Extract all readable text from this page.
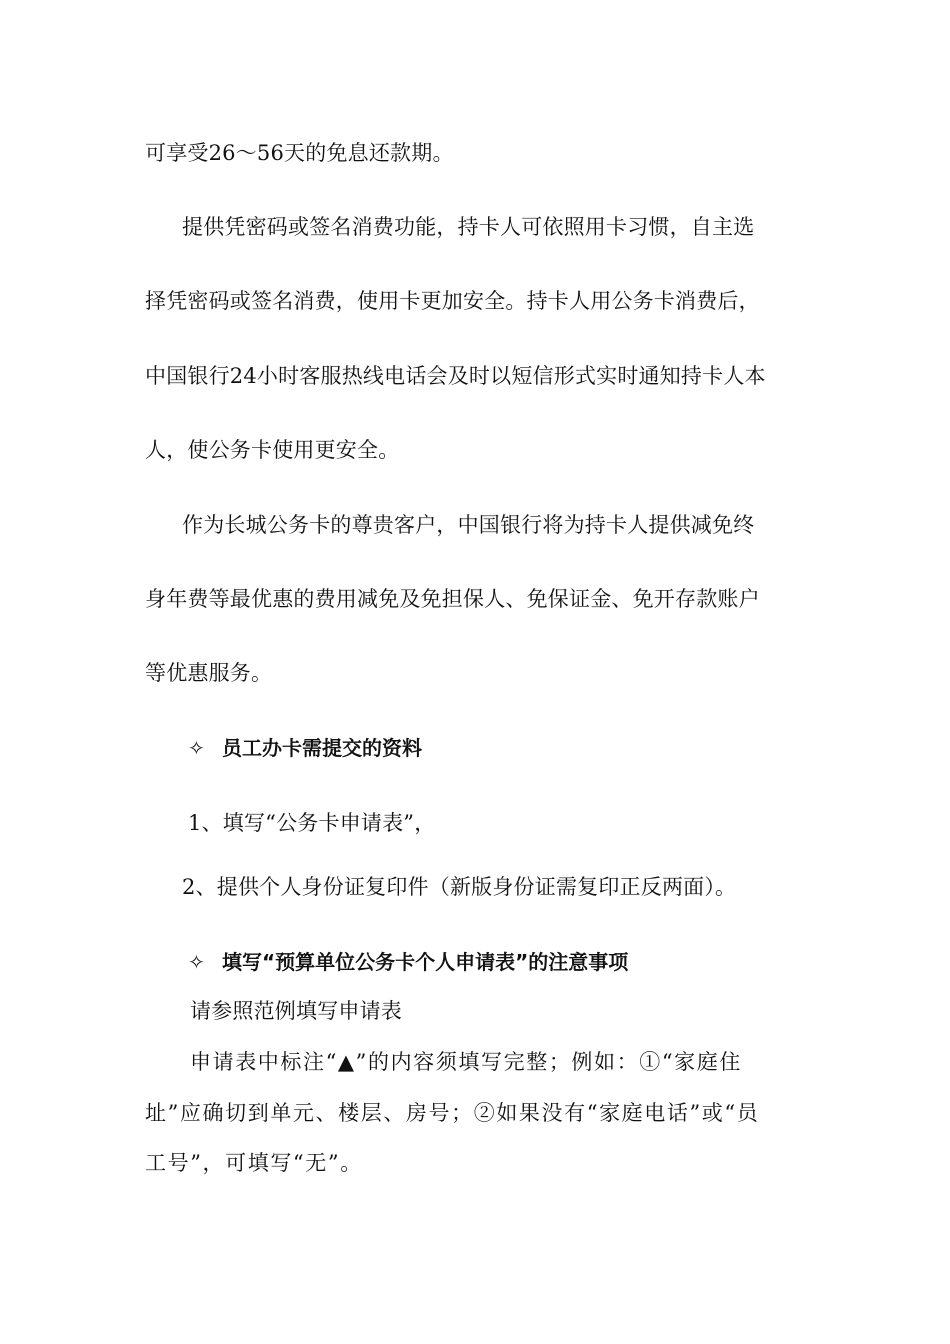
可享受26～56天的免息还款期。
提供凭密码或签名消费功能，持卡人可依照用卡习惯，自主选
择凭密码或签名消费，使用卡更加安全。持卡人用公务卡消费后，
中国银行24小时客服热线电话会及时以短信形式实时通知持卡人本
人，使公务卡使用更安全。
作为长城公务卡的尊贵客户，中国银行将为持卡人提供减免终
身年费等最优惠的费用减免及免担保人、免保证金、免开存款账户
等优惠服务。
✧ 员工办卡需提交的资料
1、填写“公务卡申请表”，
2、提供个人身份证复印件（新版身份证需复印正反两面）。
✧ 填写“预算单位公务卡个人申请表”的注意事项
请参照范例填写申请表
申请表中标注“▲”的内容须填写完整；例如：①“家庭住
址”应确切到单元、楼层、房号；②如果没有“家庭电话”或“员
工号”，可填写“无”。
